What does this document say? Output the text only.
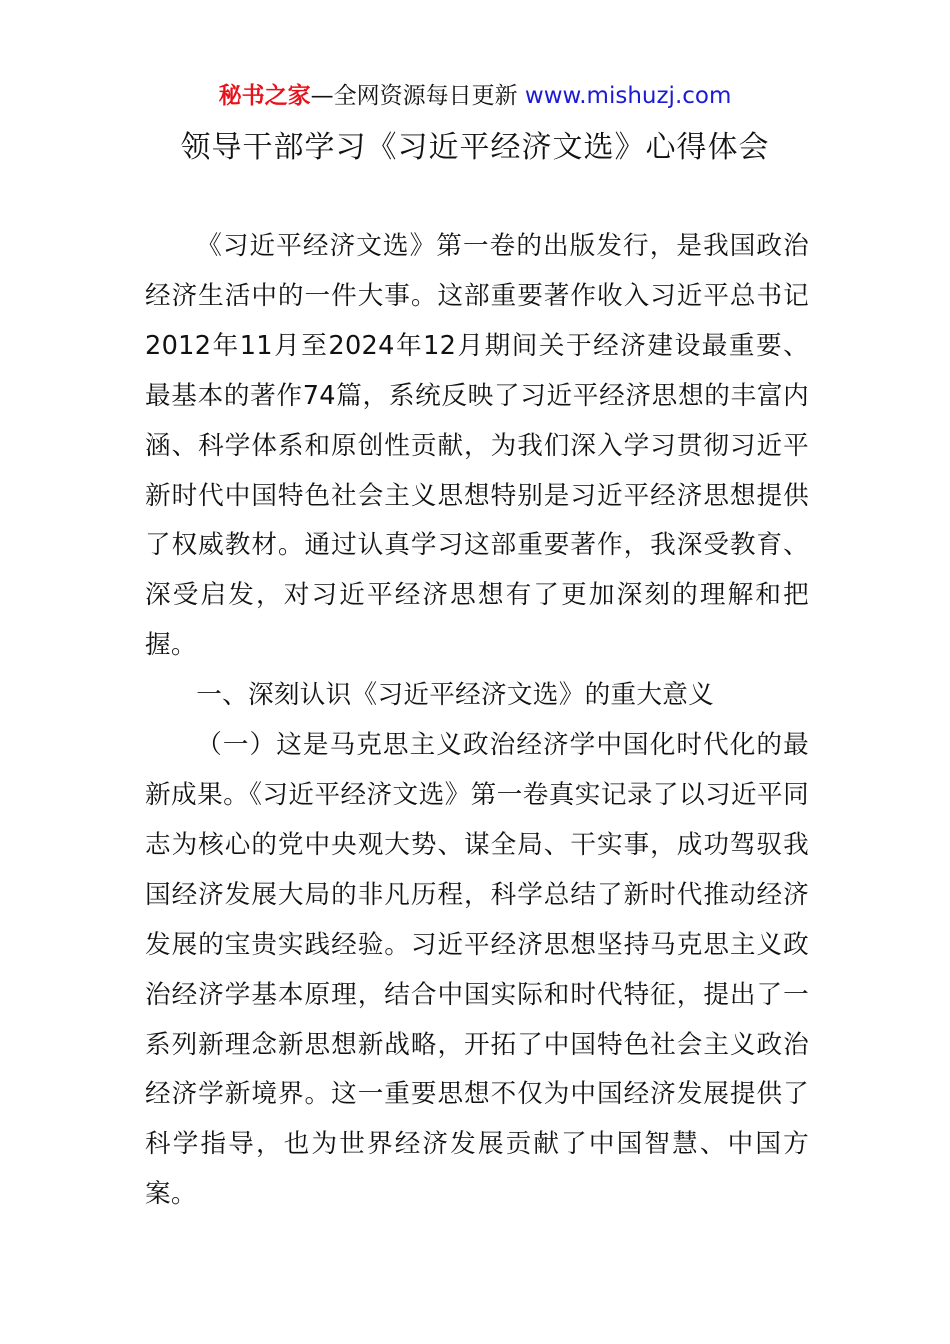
秘书之家—全网资源每日更新 www.mishuzj.com
领导干部学习《习近平经济文选》心得体会

《习近平经济文选》第一卷的出版发行，是我国政治经济生活中的一件大事。这部重要著作收入习近平总书记2012年11月至2024年12月期间关于经济建设最重要、最基本的著作74篇，系统反映了习近平经济思想的丰富内涵、科学体系和原创性贡献，为我们深入学习贯彻习近平新时代中国特色社会主义思想特别是习近平经济思想提供了权威教材。通过认真学习这部重要著作，我深受教育、深受启发，对习近平经济思想有了更加深刻的理解和把握。

一、深刻认识《习近平经济文选》的重大意义

（一）这是马克思主义政治经济学中国化时代化的最新成果。《习近平经济文选》第一卷真实记录了以习近平同志为核心的党中央观大势、谋全局、干实事，成功驾驭我国经济发展大局的非凡历程，科学总结了新时代推动经济发展的宝贵实践经验。习近平经济思想坚持马克思主义政治经济学基本原理，结合中国实际和时代特征，提出了一系列新理念新思想新战略，开拓了中国特色社会主义政治经济学新境界。这一重要思想不仅为中国经济发展提供了科学指导，也为世界经济发展贡献了中国智慧、中国方案。
